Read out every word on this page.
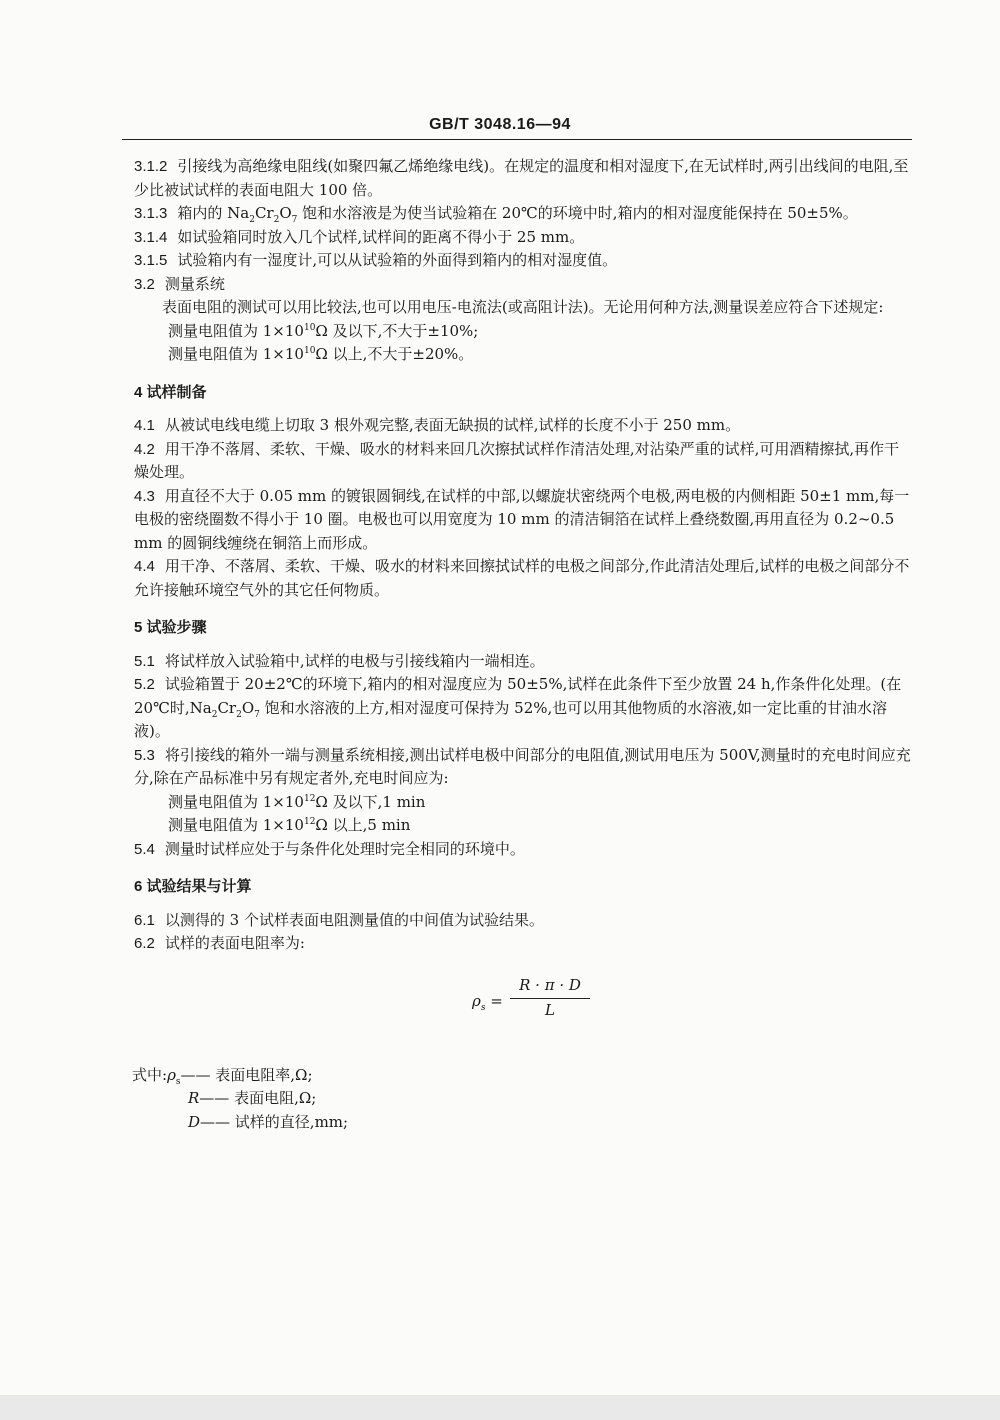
GB/T 3048.16—94

3.1.2 引接线为高绝缘电阻线(如聚四氟乙烯绝缘电线)。在规定的温度和相对湿度下,在无试样时,两引出线间的电阻,至少比被试试样的表面电阻大 100 倍。

3.1.3 箱内的 $Na_2Cr_2O_7$ 饱和水溶液是为使当试验箱在 20℃的环境中时,箱内的相对湿度能保持在 50±5%。

3.1.4 如试验箱同时放入几个试样,试样间的距离不得小于 25 mm。

3.1.5 试验箱内有一湿度计,可以从试验箱的外面得到箱内的相对湿度值。

3.2 测量系统

表面电阻的测试可以用比较法,也可以用电压-电流法(或高阻计法)。无论用何种方法,测量误差应符合下述规定:

测量电阻值为 $1\times 10^{10}\Omega$ 及以下,不大于±10%;

测量电阻值为 $1\times 10^{10}\Omega$ 以上,不大于±20%。

4 试样制备

4.1 从被试电线电缆上切取 3 根外观完整,表面无缺损的试样,试样的长度不小于 250 mm。

4.2 用干净不落屑、柔软、干燥、吸水的材料来回几次擦拭试样作清洁处理,对沾染严重的试样,可用酒精擦拭,再作干燥处理。

4.3 用直径不大于 0.05 mm 的镀银圆铜线,在试样的中部,以螺旋状密绕两个电极,两电极的内侧相距 50±1 mm,每一电极的密绕圈数不得小于 10 圈。电极也可以用宽度为 10 mm 的清洁铜箔在试样上叠绕数圈,再用直径为 0.2~0.5 mm 的圆铜线缠绕在铜箔上而形成。

4.4 用干净、不落屑、柔软、干燥、吸水的材料来回擦拭试样的电极之间部分,作此清洁处理后,试样的电极之间部分不允许接触环境空气外的其它任何物质。

5 试验步骤

5.1 将试样放入试验箱中,试样的电极与引接线箱内一端相连。

5.2 试验箱置于 20±2℃的环境下,箱内的相对湿度应为 50±5%,试样在此条件下至少放置 24 h,作条件化处理。(在 20℃时$,Na_2Cr_2O_7$ 饱和水溶液的上方,相对湿度可保持为 52%,也可以用其他物质的水溶液,如一定比重的甘油水溶液)。

5.3 将引接线的箱外一端与测量系统相接,测出试样电极中间部分的电阻值,测试用电压为 500V,测量时的充电时间应充分,除在产品标准中另有规定者外,充电时间应为:

测量电阻值为 $1\times 10^{12}\Omega$ 及以下,1 min

测量电阻值为 $1\times 10^{12}\Omega$ 以上,5 min

5.4 测量时试样应处于与条件化处理时完全相同的环境中。

6 试验结果与计算

6.1 以测得的 3 个试样表面电阻测量值的中间值为试验结果。

6.2 试样的表面电阻率为:

$\rho_s = \frac{R \cdot \pi \cdot D}{L}$

式中$:\rho_s——$ 表面电阻率,Ω;

R—— 表面电阻,Ω;

D—— 试样的直径,mm;
